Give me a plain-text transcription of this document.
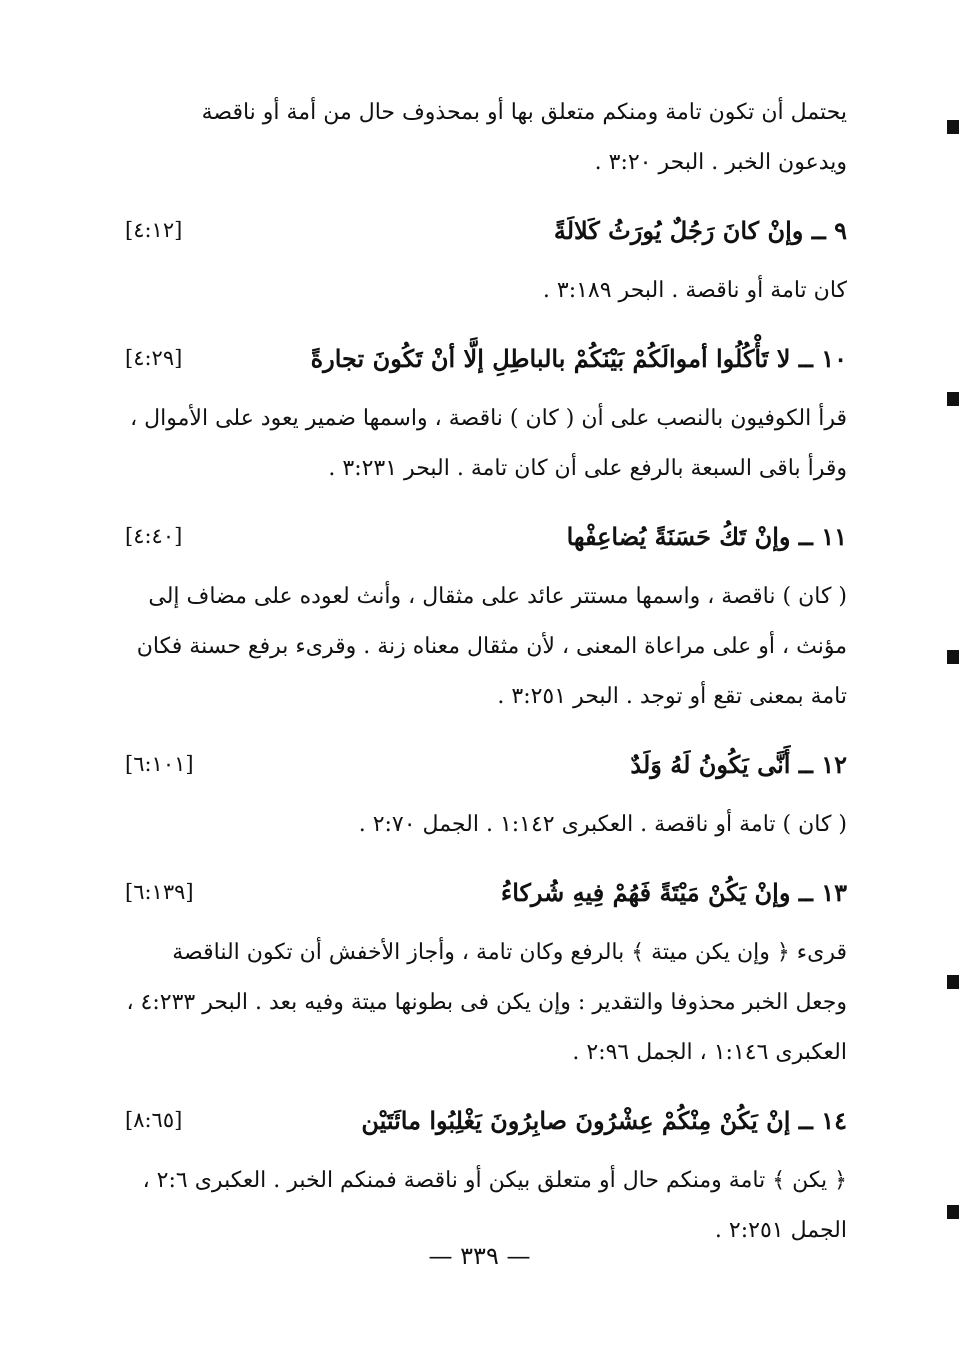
يحتمل أن تكون تامة ومنكم متعلق بها أو بمحذوف حال من أمة أو ناقصة
ويدعون الخبر . البحر ٣:٢٠ .
٩ ــ وإنْ كانَ رَجُلٌ يُورَثُ كَلالَةً
[٤:١٢]
كان تامة أو ناقصة . البحر ٣:١٨٩ .
١٠ ــ لا تَأْكُلُوا أموالَكُمْ بَيْنَكُمْ بالباطِلِ إلَّا أنْ تَكُونَ تجارةً
[٤:٢٩]
قرأ الكوفيون بالنصب على أن ( كان ) ناقصة ، واسمها ضمير يعود على الأموال ،
وقرأ باقى السبعة بالرفع على أن كان تامة . البحر ٣:٢٣١ .
١١ ــ وإنْ تَكُ حَسَنَةً يُضاعِفْها
[٤:٤٠]
( كان ) ناقصة ، واسمها مستتر عائد على مثقال ، وأنث لعوده على مضاف إلى
مؤنث ، أو على مراعاة المعنى ، لأن مثقال معناه زنة . وقرىء برفع حسنة فكان
تامة بمعنى تقع أو توجد . البحر ٣:٢٥١ .
١٢ ــ أَنَّى يَكُونُ لَهُ وَلَدٌ
[٦:١٠١]
( كان ) تامة أو ناقصة . العكبرى ١:١٤٢ . الجمل ٢:٧٠ .
١٣ ــ وإنْ يَكُنْ مَيْتَةً فَهُمْ فِيهِ شُركاءُ
[٦:١٣٩]
قرىء ﴿ وإن يكن ميتة ﴾ بالرفع وكان تامة ، وأجاز الأخفش أن تكون الناقصة
وجعل الخبر محذوفا والتقدير : وإن يكن فى بطونها ميتة وفيه بعد . البحر ٤:٢٣٣ ،
العكبرى ١:١٤٦ ، الجمل ٢:٩٦ .
١٤ ــ إنْ يَكُنْ مِنْكُمْ عِشْرُونَ صابِرُونَ يَغْلِبُوا مائَتَيْن
[٨:٦٥]
﴿ يكن ﴾ تامة ومنكم حال أو متعلق بيكن أو ناقصة فمنكم الخبر . العكبرى ٢:٦ ،
الجمل ٢:٢٥١ .
— ٣٣٩ —
